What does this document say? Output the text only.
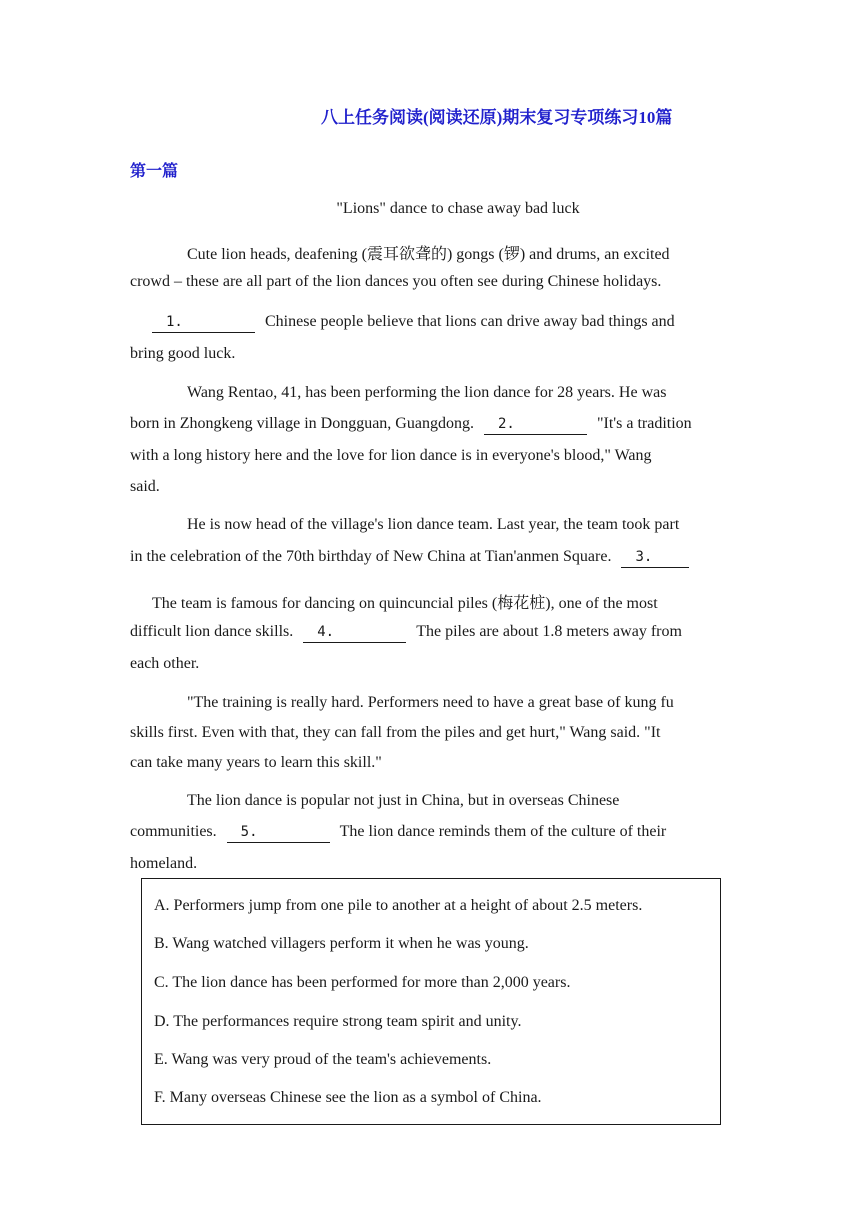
八上任务阅读(阅读还原)期末复习专项练习10篇
第一篇
"Lions" dance to chase away bad luck
Cute lion heads, deafening (震耳欲聋的) gongs (锣) and drums, an excited
crowd – these are all part of the lion dances you often see during Chinese holidays.
1.	Chinese people believe that lions can drive away bad things and
bring good luck.
Wang Rentao, 41, has been performing the lion dance for 28 years. He was
born in Zhongkeng village in Dongguan, Guangdong. 2.	"It's a tradition
with a long history here and the love for lion dance is in everyone's blood," Wang
said.
He is now head of the village's lion dance team. Last year, the team took part
in the celebration of the 70th birthday of New China at Tian'anmen Square. 3.
The team is famous for dancing on quincuncial piles (梅花桩), one of the most
difficult lion dance skills. 4.	The piles are about 1.8 meters away from
each other.
"The training is really hard. Performers need to have a great base of kung fu
skills first. Even with that, they can fall from the piles and get hurt," Wang said. "It
can take many years to learn this skill."
The lion dance is popular not just in China, but in overseas Chinese
communities. 5.	The lion dance reminds them of the culture of their
homeland.
A. Performers jump from one pile to another at a height of about 2.5 meters.
B. Wang watched villagers perform it when he was young.
C. The lion dance has been performed for more than 2,000 years.
D. The performances require strong team spirit and unity.
E. Wang was very proud of the team's achievements.
F. Many overseas Chinese see the lion as a symbol of China.
